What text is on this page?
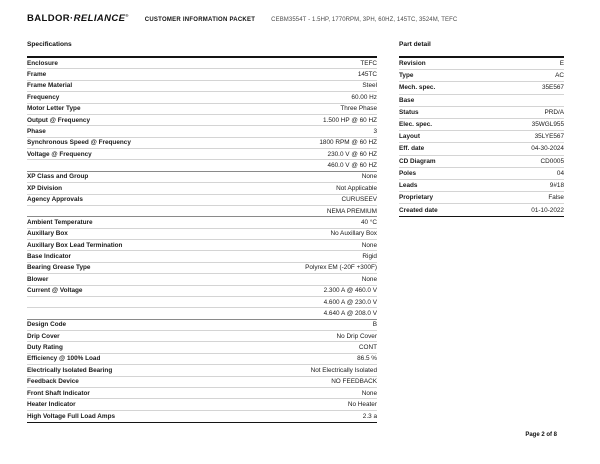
BALDOR·RELIANCE®
CUSTOMER INFORMATION PACKET	CEBM3554T - 1.5HP, 1770RPM, 3PH, 60HZ, 145TC, 3524M, TEFC
Specifications
Enclosure	TEFC
Frame	145TC
Frame Material	Steel
Frequency	60.00 Hz
Motor Letter Type	Three Phase
Output @ Frequency	1.500 HP @ 60 HZ
Phase	3
Synchronous Speed @ Frequency	1800 RPM @ 60 HZ
Voltage @ Frequency	230.0 V @ 60 HZ
460.0 V @ 60 HZ
XP Class and Group	None
XP Division	Not Applicable
Agency Approvals	CURUSEEV
NEMA PREMIUM
Ambient Temperature	40 °C
Auxillary Box	No Auxillary Box
Auxillary Box Lead Termination	None
Base Indicator	Rigid
Bearing Grease Type	Polyrex EM (-20F +300F)
Blower	None
Current @ Voltage	2.300 A @ 460.0 V
4.600 A @ 230.0 V
4.640 A @ 208.0 V
Design Code	B
Drip Cover	No Drip Cover
Duty Rating	CONT
Efficiency @ 100% Load	86.5 %
Electrically Isolated Bearing	Not Electrically Isolated
Feedback Device	NO FEEDBACK
Front Shaft Indicator	None
Heater Indicator	No Heater
High Voltage Full Load Amps	2.3 a
Part detail
Revision	E
Type	AC
Mech. spec.	35E567
Base
Status	PRD/A
Elec. spec.	35WGL955
Layout	35LYE567
Eff. date	04-30-2024
CD Diagram	CD0005
Poles	04
Leads	9#18
Proprietary	False
Created date	01-10-2022
Page 2 of 8
